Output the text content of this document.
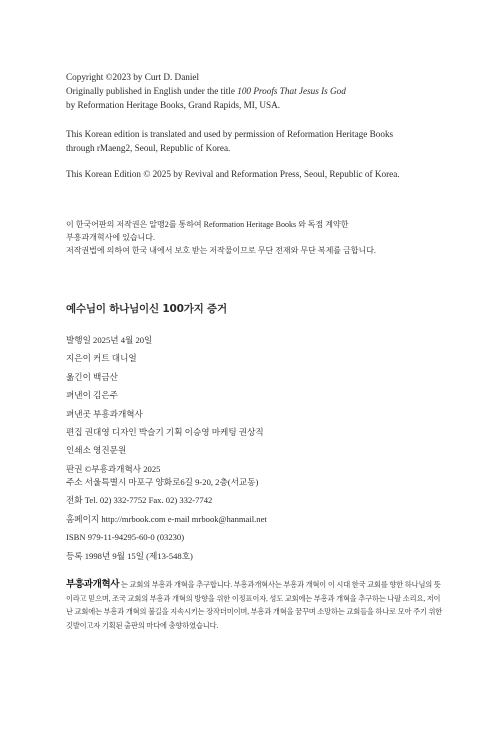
Copyright ©2023 by Curt D. Daniel

Originally published in English under the title 100 Proofs That Jesus Is God

by Reformation Heritage Books, Grand Rapids, MI, USA.

This Korean edition is translated and used by permission of Reformation Heritage Books

through rMaeng2, Seoul, Republic of Korea.

This Korean Edition © 2025 by Revival and Reformation Press, Seoul, Republic of Korea.

이 한국어판의 저작권은 알맹2를 통하여 Reformation Heritage Books 와 독점 계약한

부흥과개혁사에 있습니다.

저작권법에 의하여 한국 내에서 보호 받는 저작물이므로 무단 전재와 무단 복제를 금합니다.

예수님이 하나님이신 100가지 증거

발행일 2025년 4월 20일

지은이 커트 대니얼

옮긴이 백금산

펴낸이 김은주

펴낸곳 부흥과개혁사

편집 권대영 디자인 박슬기 기획 이승영 마케팅 권상직

인쇄소 영진문원

판권 ©부흥과개혁사 2025

주소 서울특별시 마포구 양화로6길 9-20, 2층(서교동)

전화 Tel. 02) 332-7752 Fax. 02) 332-7742

홈페이지 http://mrbook.com e-mail mrbook@hanmail.net

ISBN 979-11-94295-60-0 (03230)

등록 1998년 9월 15일 (제13-548호)

부흥과개혁사 는 교회의 부흥과 개혁을 추구합니다. 부흥과개혁사는 부흥과 개혁이 이 시대 한국 교회를 향한 하나님의 뜻이라고 믿으며, 조국 교회의 부흥과 개혁의 방향을 위한 이정표이자, 성도 교회에는 부흥과 개혁을 추구하는 나팔 소리요, 저이난 교회에는 부흥과 개혁의 불길을 지속시키는 장작더미이며, 부흥과 개혁을 꿈꾸며 소망하는 교회들을 하나로 모아 주기 위한 깃발이고자 기획된 출판의 마다에 충향하였습니다.
